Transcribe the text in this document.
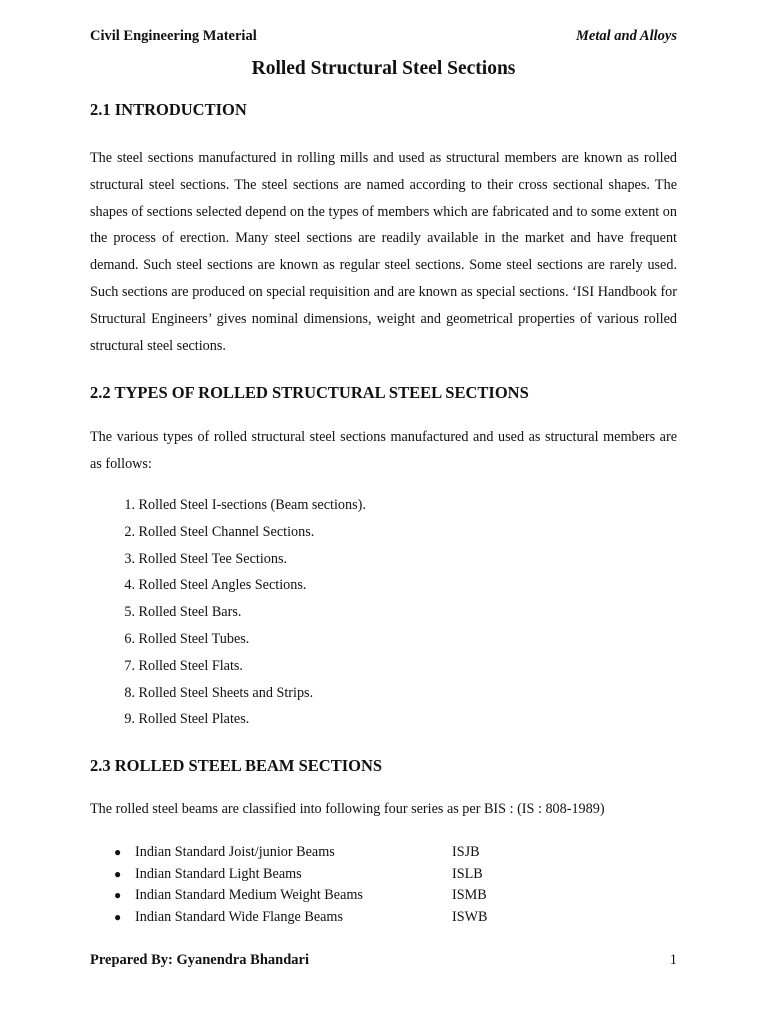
Civil Engineering Material	Metal and Alloys
Rolled Structural Steel Sections
2.1 INTRODUCTION

The steel sections manufactured in rolling mills and used as structural members are known as rolled structural steel sections. The steel sections are named according to their cross sectional shapes. The shapes of sections selected depend on the types of members which are fabricated and to some extent on the process of erection. Many steel sections are readily available in the market and have frequent demand. Such steel sections are known as regular steel sections. Some steel sections are rarely used. Such sections are produced on special requisition and are known as special sections. ‘ISI Handbook for Structural Engineers’ gives nominal dimensions, weight and geometrical properties of various rolled structural steel sections.

2.2 TYPES OF ROLLED STRUCTURAL STEEL SECTIONS

The various types of rolled structural steel sections manufactured and used as structural members are as follows:

1. Rolled Steel I-sections (Beam sections).
2. Rolled Steel Channel Sections.
3. Rolled Steel Tee Sections.
4. Rolled Steel Angles Sections.
5. Rolled Steel Bars.
6. Rolled Steel Tubes.
7. Rolled Steel Flats.
8. Rolled Steel Sheets and Strips.
9. Rolled Steel Plates.
2.3 ROLLED STEEL BEAM SECTIONS

The rolled steel beams are classified into following four series as per BIS : (IS : 808-1989)

● Indian Standard Joist/junior Beams	ISJB
● Indian Standard Light Beams	ISLB
● Indian Standard Medium Weight Beams	ISMB
● Indian Standard Wide Flange Beams	ISWB
Prepared By: Gyanendra Bhandari	1
